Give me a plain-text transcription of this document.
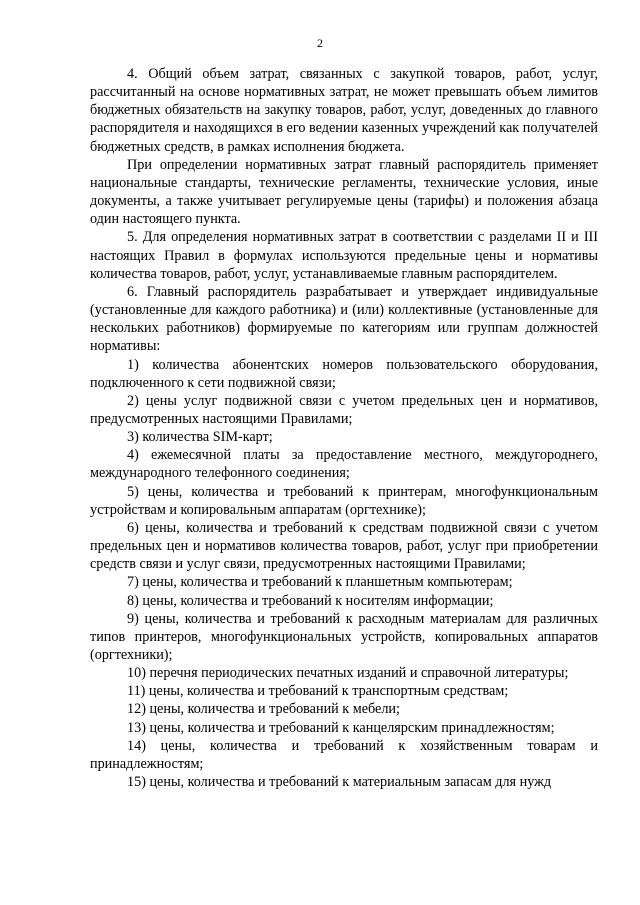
2

4. Общий объем затрат, связанных с закупкой товаров, работ, услуг, рассчитанный на основе нормативных затрат, не может превышать объем лимитов бюджетных обязательств на закупку товаров, работ, услуг, доведенных до главного распорядителя и находящихся в его ведении казенных учреждений как получателей бюджетных средств, в рамках исполнения бюджета.

При определении нормативных затрат главный распорядитель применяет национальные стандарты, технические регламенты, технические условия, иные документы, а также учитывает регулируемые цены (тарифы) и положения абзаца один настоящего пункта.

5. Для определения нормативных затрат в соответствии с разделами II и III настоящих Правил в формулах используются предельные цены и нормативы количества товаров, работ, услуг, устанавливаемые главным распорядителем.

6. Главный распорядитель разрабатывает и утверждает индивидуальные (установленные для каждого работника) и (или) коллективные (установленные для нескольких работников) формируемые по категориям или группам должностей нормативы:

1) количества абонентских номеров пользовательского оборудования, подключенного к сети подвижной связи;

2) цены услуг подвижной связи с учетом предельных цен и нормативов, предусмотренных настоящими Правилами;

3) количества SIM-карт;

4) ежемесячной платы за предоставление местного, междугороднего, международного телефонного соединения;

5) цены, количества и требований к принтерам, многофункциональным устройствам и копировальным аппаратам (оргтехнике);

6) цены, количества и требований к средствам подвижной связи с учетом предельных цен и нормативов количества товаров, работ, услуг при приобретении средств связи и услуг связи, предусмотренных настоящими Правилами;

7) цены, количества и требований к планшетным компьютерам;

8) цены, количества и требований к носителям информации;

9) цены, количества и требований к расходным материалам для различных типов принтеров, многофункциональных устройств, копировальных аппаратов (оргтехники);

10) перечня периодических печатных изданий и справочной литературы;

11) цены, количества и требований к транспортным средствам;

12) цены, количества и требований к мебели;

13) цены, количества и требований к канцелярским принадлежностям;

14) цены, количества и требований к хозяйственным товарам и принадлежностям;

15) цены, количества и требований к материальным запасам для нужд
